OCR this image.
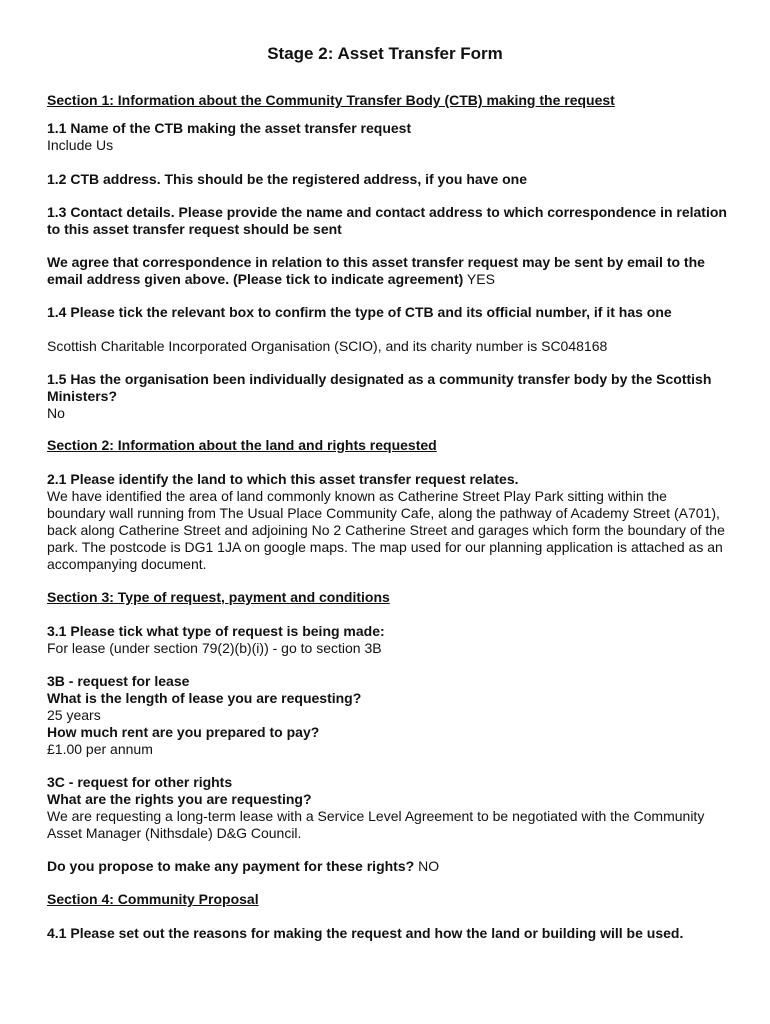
Stage 2: Asset Transfer Form
Section 1: Information about the Community Transfer Body (CTB) making the request
1.1 Name of the CTB making the asset transfer request
Include Us
1.2 CTB address. This should be the registered address, if you have one
1.3 Contact details. Please provide the name and contact address to which correspondence in relation to this asset transfer request should be sent
We agree that correspondence in relation to this asset transfer request may be sent by email to the email address given above. (Please tick to indicate agreement) YES
1.4 Please tick the relevant box to confirm the type of CTB and its official number, if it has one
Scottish Charitable Incorporated Organisation (SCIO), and its charity number is SC048168
1.5 Has the organisation been individually designated as a community transfer body by the Scottish Ministers?
No
Section 2: Information about the land and rights requested
2.1 Please identify the land to which this asset transfer request relates.
We have identified the area of land commonly known as Catherine Street Play Park sitting within the boundary wall running from The Usual Place Community Cafe, along the pathway of Academy Street (A701), back along Catherine Street and adjoining No 2 Catherine Street and garages which form the boundary of the park. The postcode is DG1 1JA on google maps. The map used for our planning application is attached as an accompanying document.
Section 3: Type of request, payment and conditions
3.1 Please tick what type of request is being made:
For lease (under section 79(2)(b)(i)) - go to section 3B
3B - request for lease
What is the length of lease you are requesting?
25 years
How much rent are you prepared to pay?
£1.00 per annum
3C - request for other rights
What are the rights you are requesting?
We are requesting a long-term lease with a Service Level Agreement to be negotiated with the Community Asset Manager (Nithsdale) D&G Council.
Do you propose to make any payment for these rights? NO
Section 4: Community Proposal
4.1 Please set out the reasons for making the request and how the land or building will be used.
